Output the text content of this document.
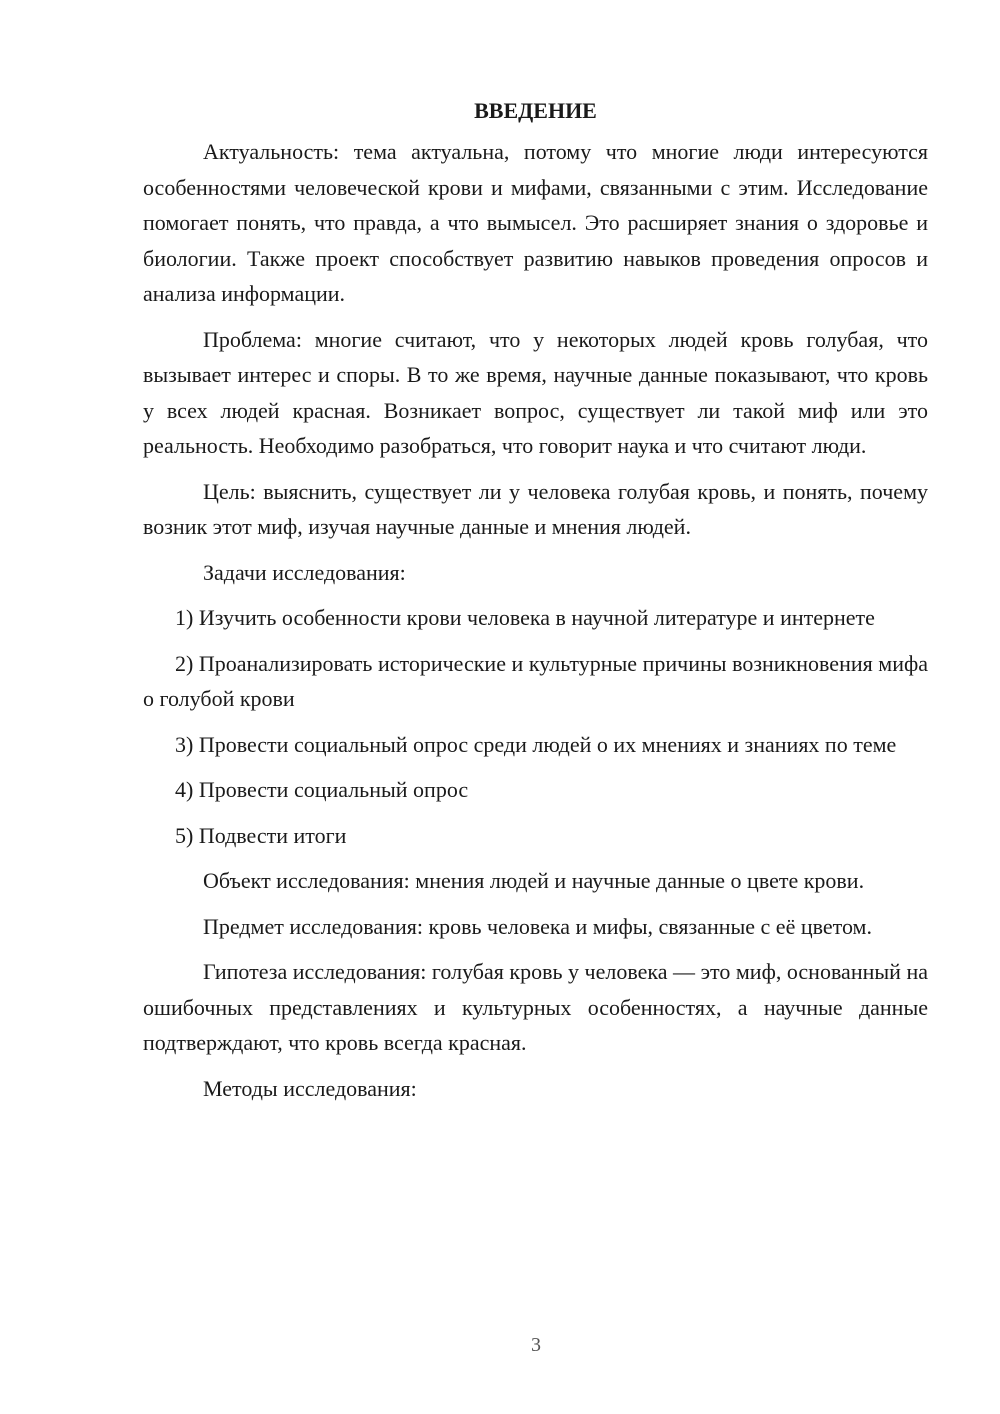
ВВЕДЕНИЕ

Актуальность: тема актуальна, потому что многие люди интересуются особенностями человеческой крови и мифами, связанными с этим. Исследование помогает понять, что правда, а что вымысел. Это расширяет знания о здоровье и биологии. Также проект способствует развитию навыков проведения опросов и анализа информации.

Проблема: многие считают, что у некоторых людей кровь голубая, что вызывает интерес и споры. В то же время, научные данные показывают, что кровь у всех людей красная. Возникает вопрос, существует ли такой миф или это реальность. Необходимо разобраться, что говорит наука и что считают люди.

Цель: выяснить, существует ли у человека голубая кровь, и понять, почему возник этот миф, изучая научные данные и мнения людей.

Задачи исследования:

1) Изучить особенности крови человека в научной литературе и интернете

2) Проанализировать исторические и культурные причины возникновения мифа о голубой крови

3) Провести социальный опрос среди людей о их мнениях и знаниях по теме

4) Провести социальный опрос

5) Подвести итоги

Объект исследования: мнения людей и научные данные о цвете крови.

Предмет исследования: кровь человека и мифы, связанные с её цветом.

Гипотеза исследования: голубая кровь у человека — это миф, основанный на ошибочных представлениях и культурных особенностях, а научные данные подтверждают, что кровь всегда красная.

Методы исследования:

3
